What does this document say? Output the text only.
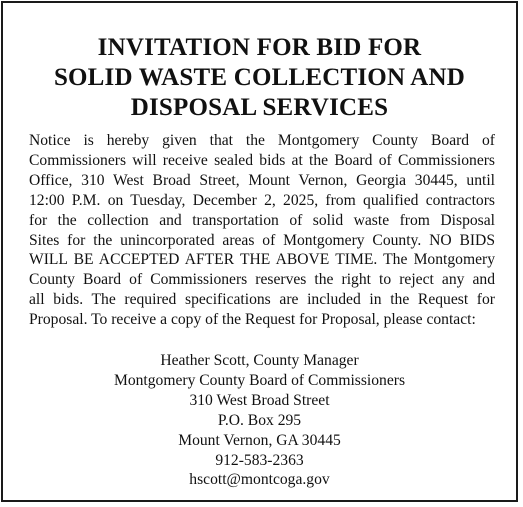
INVITATION FOR BID FOR
SOLID WASTE COLLECTION AND
DISPOSAL SERVICES

Notice is hereby given that the Montgomery County Board of
Commissioners will receive sealed bids at the Board of Commissioners
Office, 310 West Broad Street, Mount Vernon, Georgia 30445, until
12:00 P.M. on Tuesday, December 2, 2025, from qualified contractors
for the collection and transportation of solid waste from Disposal
Sites for the unincorporated areas of Montgomery County. NO BIDS
WILL BE ACCEPTED AFTER THE ABOVE TIME. The Montgomery
County Board of Commissioners reserves the right to reject any and
all bids. The required specifications are included in the Request for
Proposal. To receive a copy of the Request for Proposal, please contact:

Heather Scott, County Manager
Montgomery County Board of Commissioners
310 West Broad Street
P.O. Box 295
Mount Vernon, GA 30445
912-583-2363
hscott@montcoga.gov
